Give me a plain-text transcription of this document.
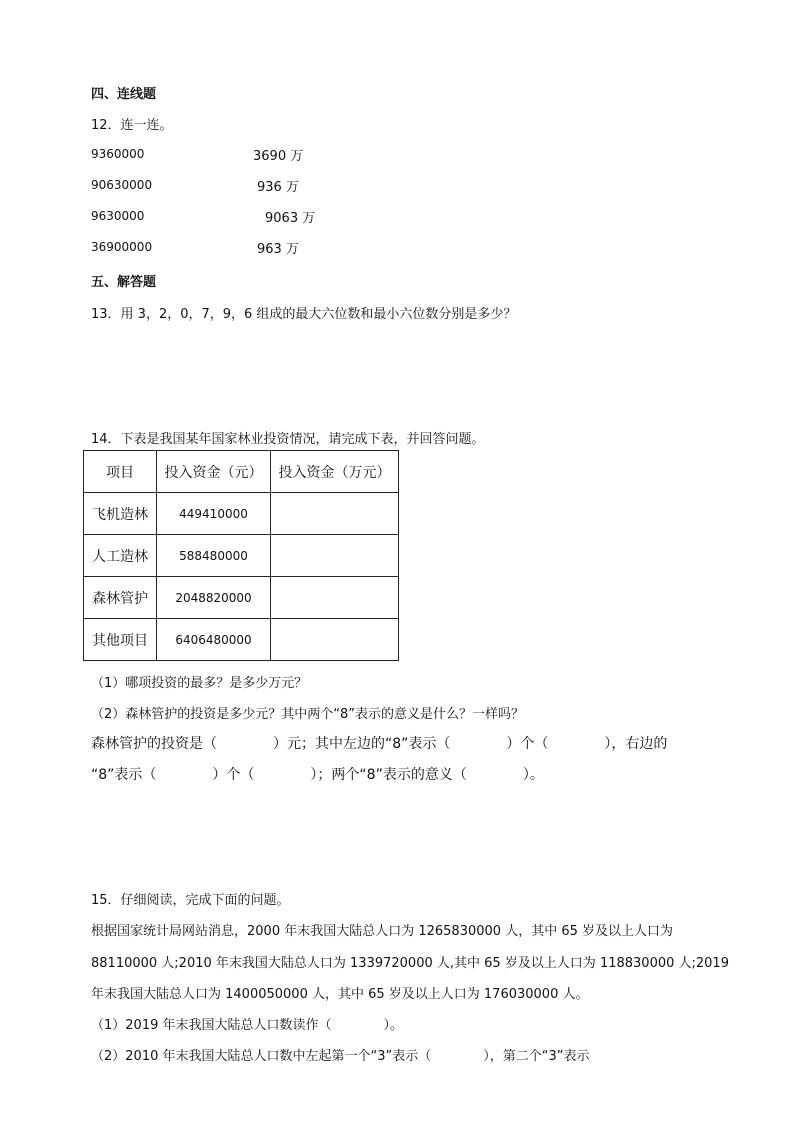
四、连线题
12．连一连。
9360000	3690 万
90630000	936 万
9630000	9063 万
36900000	963 万
五、解答题
13．用 3，2，0，7，9，6 组成的最大六位数和最小六位数分别是多少？
14．下表是我国某年国家林业投资情况，请完成下表，并回答问题。
项目	投入资金（元）	投入资金（万元）
飞机造林	449410000	
人工造林	588480000	
森林管护	2048820000	
其他项目	6406480000	
（1）哪项投资的最多？是多少万元？
（2）森林管护的投资是多少元？其中两个“8”表示的意义是什么？一样吗？
森林管护的投资是（　　　　）元；其中左边的“8”表示（　　　　）个（　　　　），右边的
“8”表示（　　　　）个（　　　　）；两个“8”表示的意义（　　　　）。
15．仔细阅读，完成下面的问题。
根据国家统计局网站消息，2000 年末我国大陆总人口为 1265830000 人，其中 65 岁及以上人口为
88110000 人;2010 年末我国大陆总人口为 1339720000 人,其中 65 岁及以上人口为 118830000 人;2019
年末我国大陆总人口为 1400050000 人，其中 65 岁及以上人口为 176030000 人。
（1）2019 年末我国大陆总人口数读作（　　　　）。
（2）2010 年末我国大陆总人口数中左起第一个“3”表示（　　　　），第二个“3”表示
